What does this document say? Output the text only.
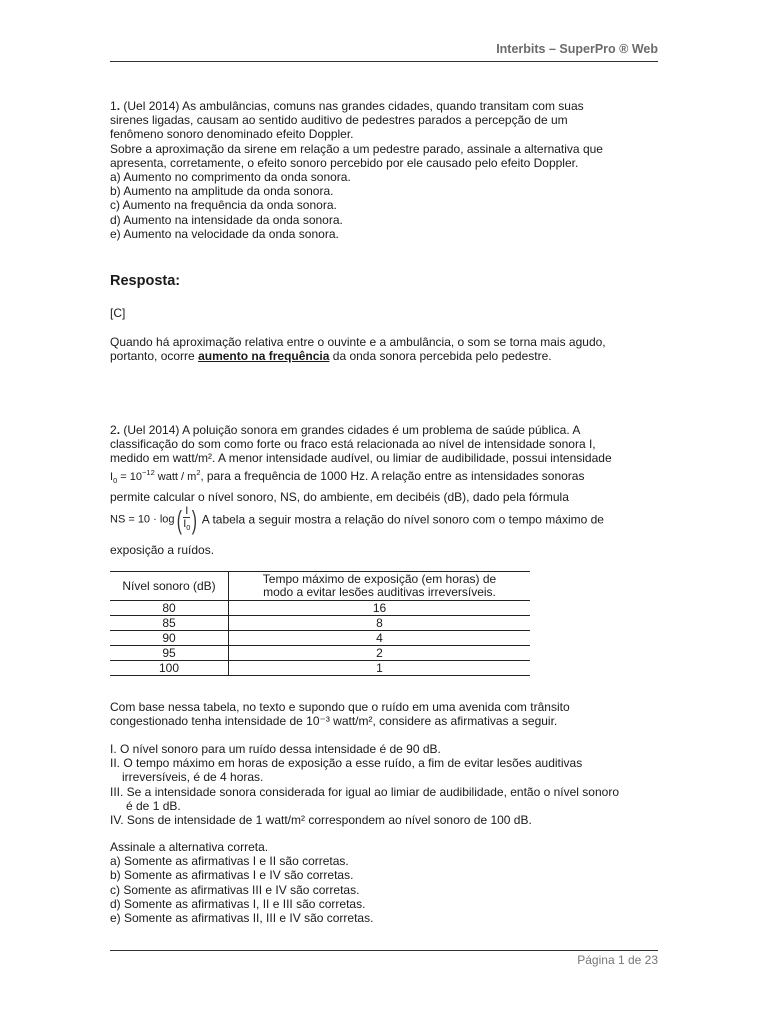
Interbits – SuperPro ® Web

1. (Uel 2014) As ambulâncias, comuns nas grandes cidades, quando transitam com suas

sirenes ligadas, causam ao sentido auditivo de pedestres parados a percepção de um

fenômeno sonoro denominado efeito Doppler.

Sobre a aproximação da sirene em relação a um pedestre parado, assinale a alternativa que

apresenta, corretamente, o efeito sonoro percebido por ele causado pelo efeito Doppler.

a) Aumento no comprimento da onda sonora.

b) Aumento na amplitude da onda sonora.

c) Aumento na frequência da onda sonora.

d) Aumento na intensidade da onda sonora.

e) Aumento na velocidade da onda sonora.

Resposta:

[C]

Quando há aproximação relativa entre o ouvinte e a ambulância, o som se torna mais agudo,

portanto, ocorre aumento na frequência da onda sonora percebida pelo pedestre.

2. (Uel 2014) A poluição sonora em grandes cidades é um problema de saúde pública. A

classificação do som como forte ou fraco está relacionada ao nível de intensidade sonora I,

medido em watt/m². A menor intensidade audível, ou limiar de audibilidade, possui intensidade

$I_0 = 10^{-12}$ watt / $m^2$, para a frequência de 1000 Hz. A relação entre as intensidades sonoras

permite calcular o nível sonoro, NS, do ambiente, em decibéis (dB), dado pela fórmula

NS = $10 \cdot \log( \frac{I}{I_0}$ ) A tabela a seguir mostra a relação do nível sonoro com o tempo máximo de

exposição a ruídos.

Nível sonoro (dB)	Tempo máximo de exposição (em horas) de
modo a evitar lesões auditivas irreversíveis.

80	16
85	8
90	4
95	2
100	1

Com base nessa tabela, no texto e supondo que o ruído em uma avenida com trânsito

congestionado tenha intensidade de 10⁻³ watt/m², considere as afirmativas a seguir.

I. O nível sonoro para um ruído dessa intensidade é de 90 dB.

II. O tempo máximo em horas de exposição a esse ruído, a fim de evitar lesões auditivas

irreversíveis, é de 4 horas.

III. Se a intensidade sonora considerada for igual ao limiar de audibilidade, então o nível sonoro

é de 1 dB.

IV. Sons de intensidade de 1 watt/m² correspondem ao nível sonoro de 100 dB.

Assinale a alternativa correta.

a) Somente as afirmativas I e II são corretas.

b) Somente as afirmativas I e IV são corretas.

c) Somente as afirmativas III e IV são corretas.

d) Somente as afirmativas I, II e III são corretas.

e) Somente as afirmativas II, III e IV são corretas.

Página 1 de 23
